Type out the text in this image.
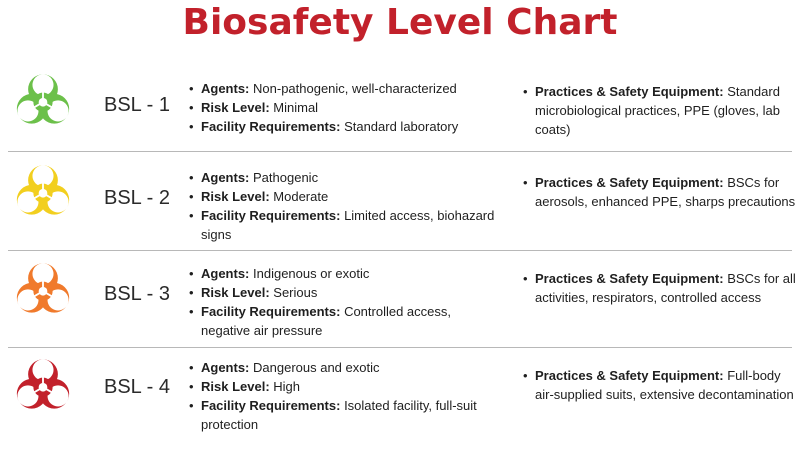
Biosafety Level Chart
BSL - 1
• Agents: Non-pathogenic, well-characterized
• Risk Level: Minimal
• Facility Requirements: Standard laboratory
• Practices & Safety Equipment: Standard microbiological practices, PPE (gloves, lab coats)
BSL - 2
• Agents: Pathogenic
• Risk Level: Moderate
• Facility Requirements: Limited access, biohazard signs
• Practices & Safety Equipment: BSCs for aerosols, enhanced PPE, sharps precautions
BSL - 3
• Agents: Indigenous or exotic
• Risk Level: Serious
• Facility Requirements: Controlled access, negative air pressure
• Practices & Safety Equipment: BSCs for all activities, respirators, controlled access
BSL - 4
• Agents: Dangerous and exotic
• Risk Level: High
• Facility Requirements: Isolated facility, full-suit protection
• Practices & Safety Equipment: Full-body air-supplied suits, extensive decontamination
